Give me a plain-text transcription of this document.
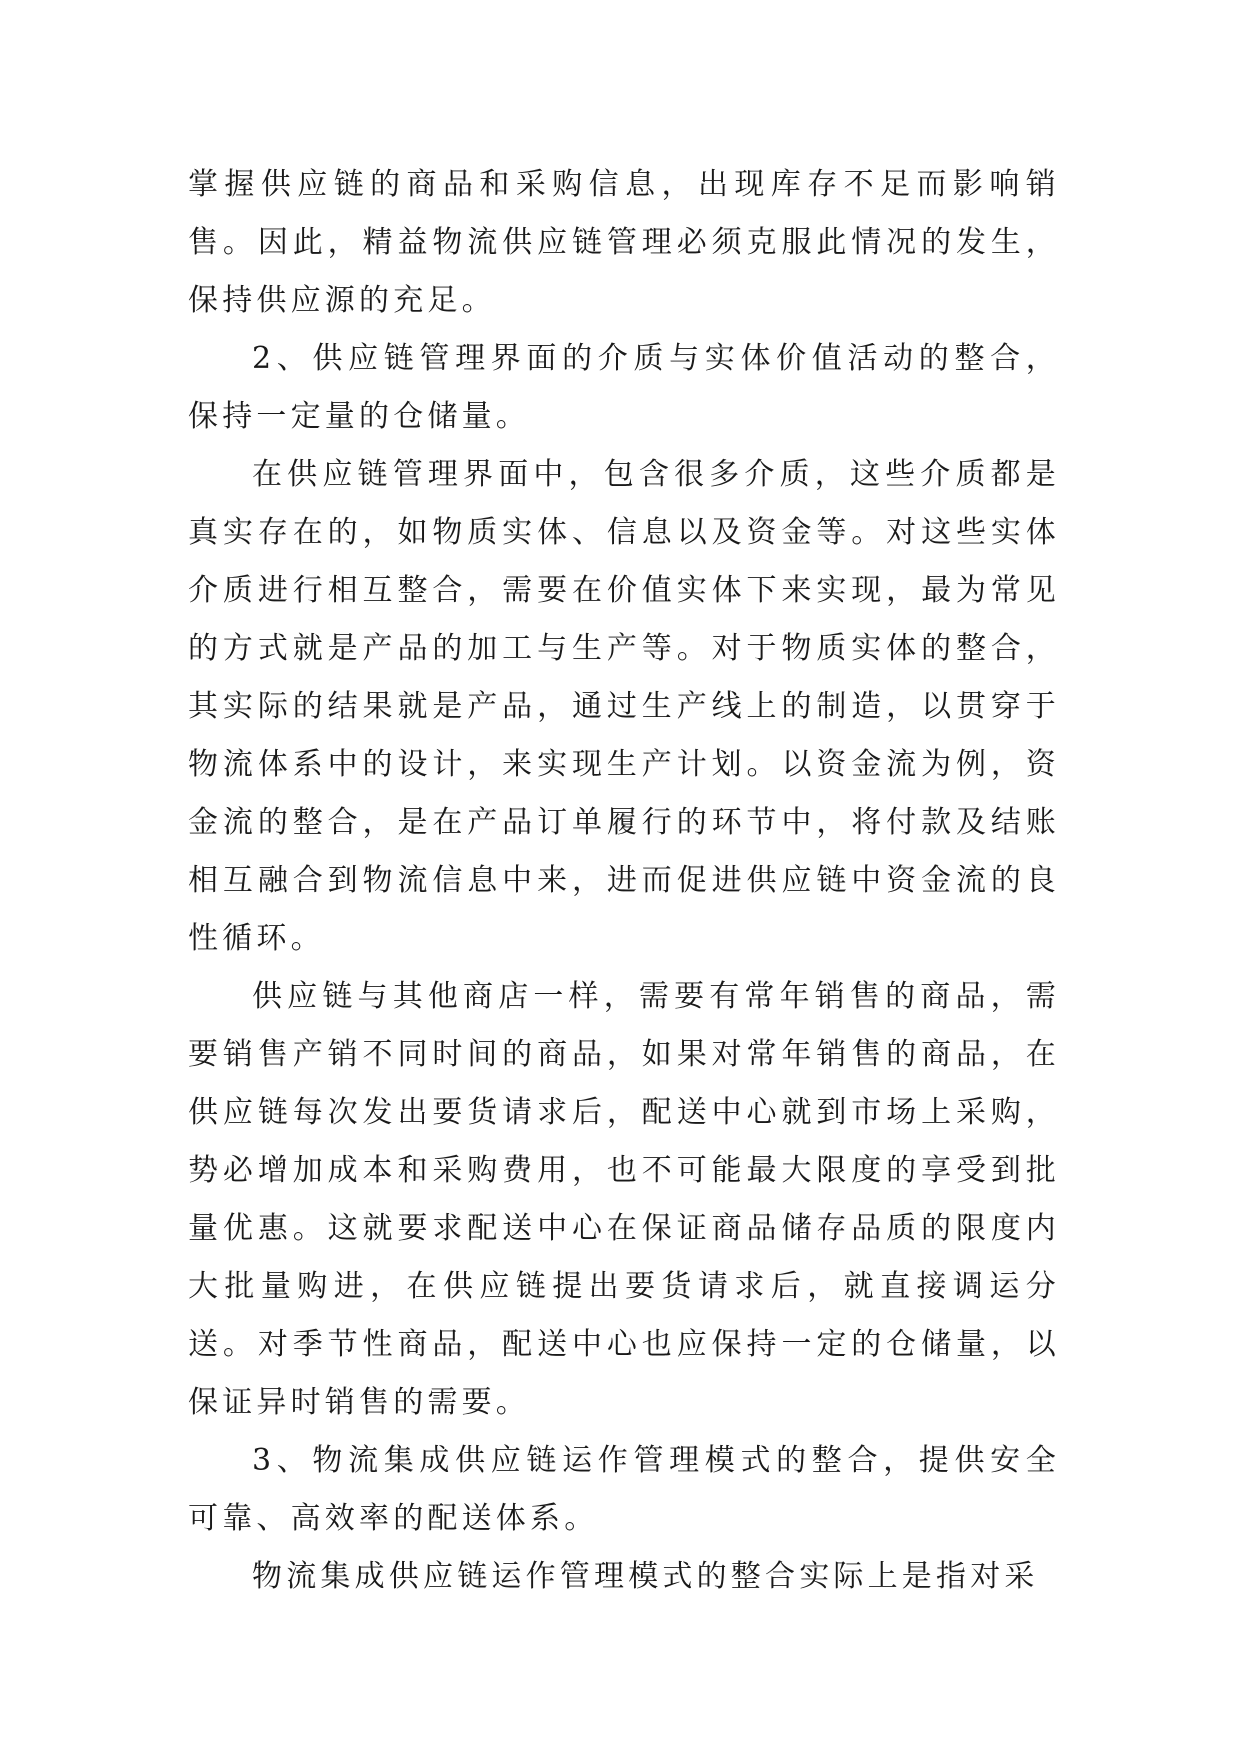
掌握供应链的商品和采购信息，出现库存不足而影响销售。因此，精益物流供应链管理必须克服此情况的发生，保持供应源的充足。

2、供应链管理界面的介质与实体价值活动的整合，保持一定量的仓储量。

在供应链管理界面中，包含很多介质，这些介质都是真实存在的，如物质实体、信息以及资金等。对这些实体介质进行相互整合，需要在价值实体下来实现，最为常见的方式就是产品的加工与生产等。对于物质实体的整合，其实际的结果就是产品，通过生产线上的制造，以贯穿于物流体系中的设计，来实现生产计划。以资金流为例，资金流的整合，是在产品订单履行的环节中，将付款及结账相互融合到物流信息中来，进而促进供应链中资金流的良性循环。

供应链与其他商店一样，需要有常年销售的商品，需要销售产销不同时间的商品，如果对常年销售的商品，在供应链每次发出要货请求后，配送中心就到市场上采购，势必增加成本和采购费用，也不可能最大限度的享受到批量优惠。这就要求配送中心在保证商品储存品质的限度内大批量购进，在供应链提出要货请求后，就直接调运分送。对季节性商品，配送中心也应保持一定的仓储量，以保证异时销售的需要。

3、物流集成供应链运作管理模式的整合，提供安全可靠、高效率的配送体系。

物流集成供应链运作管理模式的整合实际上是指对采
